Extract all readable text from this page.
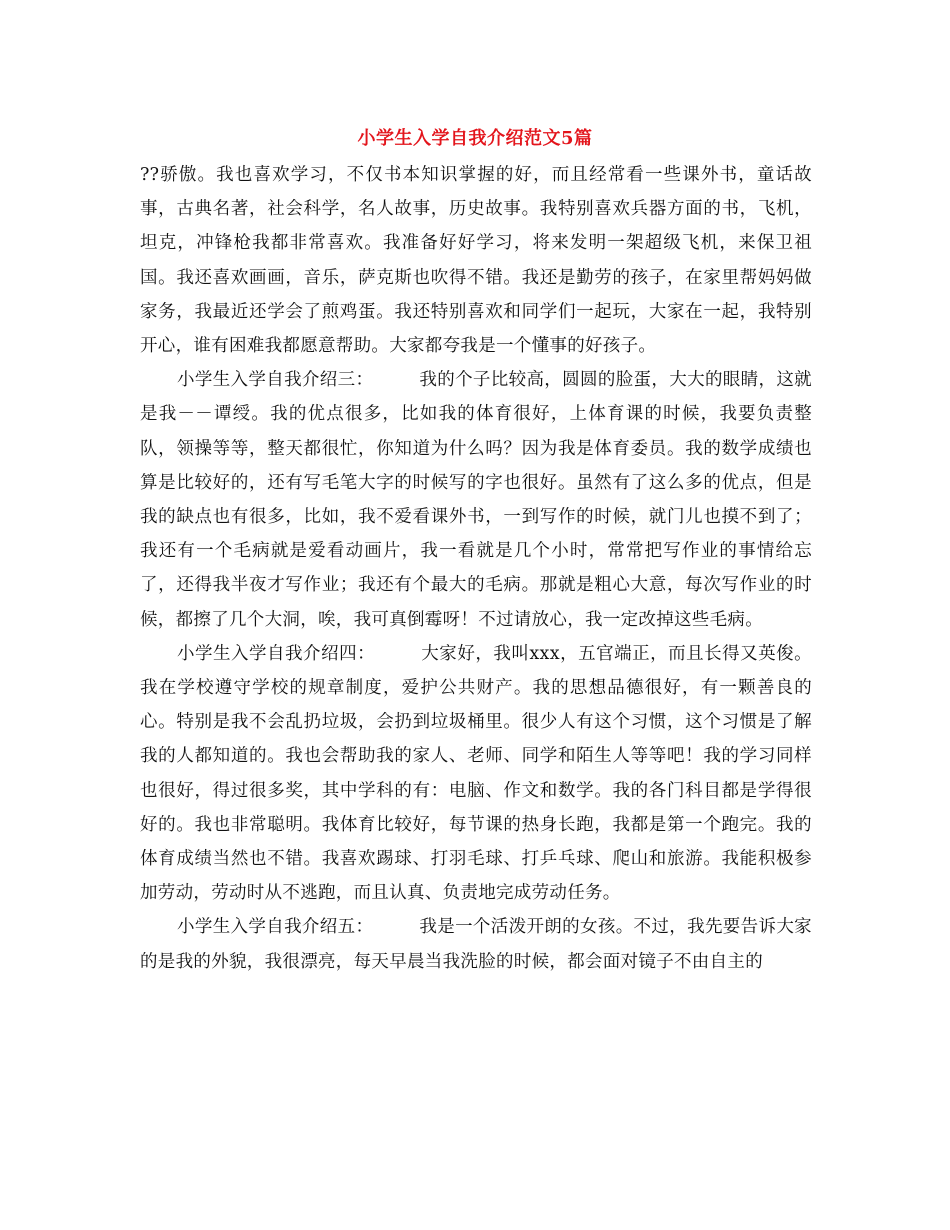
小学生入学自我介绍范文5篇

??骄傲。我也喜欢学习，不仅书本知识掌握的好，而且经常看一些课外书，童话故事，古典名著，社会科学，名人故事，历史故事。我特别喜欢兵器方面的书，飞机，坦克，冲锋枪我都非常喜欢。我准备好好学习，将来发明一架超级飞机，来保卫祖国。我还喜欢画画，音乐，萨克斯也吹得不错。我还是勤劳的孩子，在家里帮妈妈做家务，我最近还学会了煎鸡蛋。我还特别喜欢和同学们一起玩，大家在一起，我特别开心，谁有困难我都愿意帮助。大家都夸我是一个懂事的好孩子。

小学生入学自我介绍三：	我的个子比较高，圆圆的脸蛋，大大的眼睛，这就是我－－谭绶。我的优点很多，比如我的体育很好，上体育课的时候，我要负责整队，领操等等，整天都很忙，你知道为什么吗？因为我是体育委员。我的数学成绩也算是比较好的，还有写毛笔大字的时候写的字也很好。虽然有了这么多的优点，但是我的缺点也有很多，比如，我不爱看课外书，一到写作的时候，就门儿也摸不到了；我还有一个毛病就是爱看动画片，我一看就是几个小时，常常把写作业的事情给忘了，还得我半夜才写作业；我还有个最大的毛病。那就是粗心大意，每次写作业的时候，都擦了几个大洞，唉，我可真倒霉呀！不过请放心，我一定改掉这些毛病。

小学生入学自我介绍四：	大家好，我叫xxx，五官端正，而且长得又英俊。我在学校遵守学校的规章制度，爱护公共财产。我的思想品德很好，有一颗善良的心。特别是我不会乱扔垃圾，会扔到垃圾桶里。很少人有这个习惯，这个习惯是了解我的人都知道的。我也会帮助我的家人、老师、同学和陌生人等等吧！我的学习同样也很好，得过很多奖，其中学科的有：电脑、作文和数学。我的各门科目都是学得很好的。我也非常聪明。我体育比较好，每节课的热身长跑，我都是第一个跑完。我的体育成绩当然也不错。我喜欢踢球、打羽毛球、打乒乓球、爬山和旅游。我能积极参加劳动，劳动时从不逃跑，而且认真、负责地完成劳动任务。

小学生入学自我介绍五：	我是一个活泼开朗的女孩。不过，我先要告诉大家的是我的外貌，我很漂亮，每天早晨当我洗脸的时候，都会面对镜子不由自主的
